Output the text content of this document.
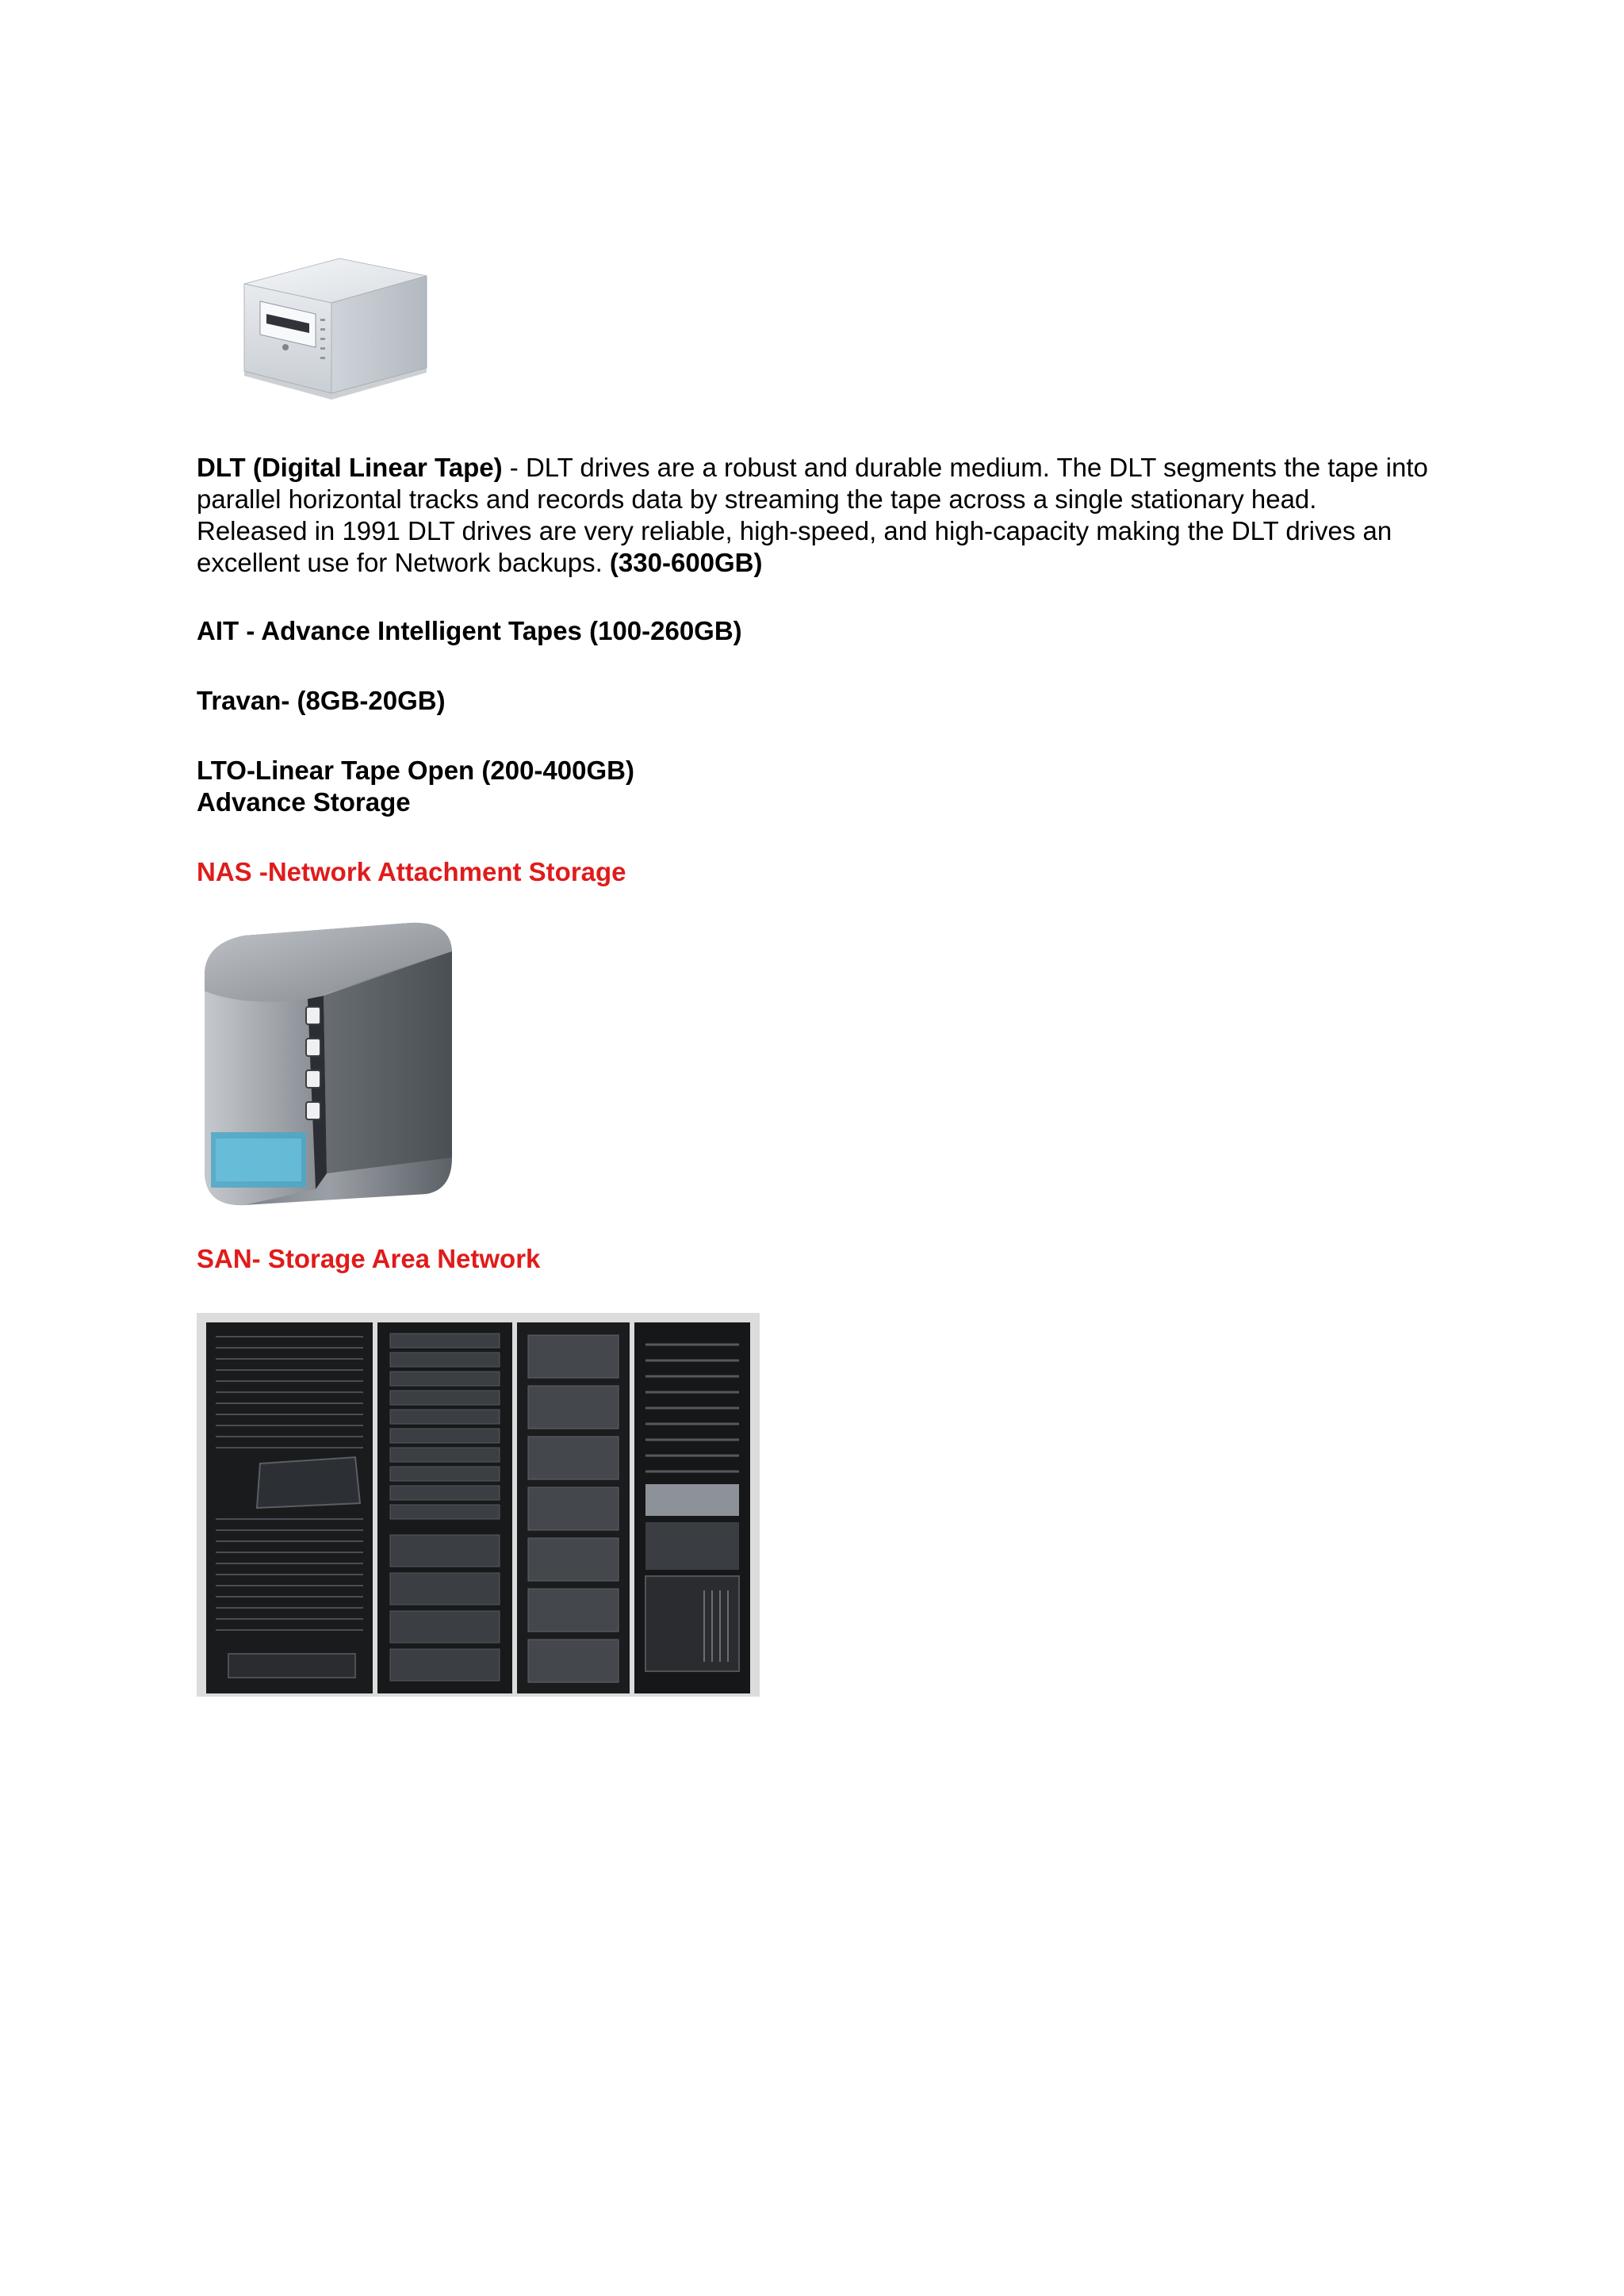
DLT (Digital Linear Tape) - DLT drives are a robust and durable medium. The DLT segments the tape into parallel horizontal tracks and records data by streaming the tape across a single stationary head. Released in 1991 DLT drives are very reliable, high-speed, and high-capacity making the DLT drives an excellent use for Network backups. (330-600GB)

AIT - Advance Intelligent Tapes (100-260GB)

Travan- (8GB-20GB)

LTO-Linear Tape Open (200-400GB)

Advance Storage

NAS -Network Attachment Storage

SAN- Storage Area Network
